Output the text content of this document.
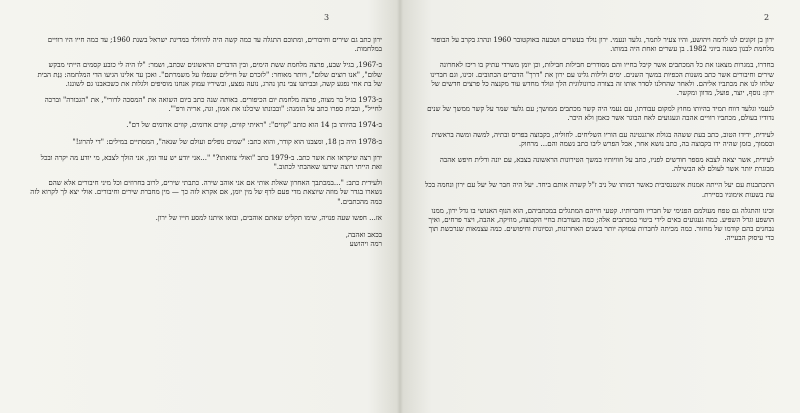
3

ירון כתב גם שירים וחיבורים, ומתוכם התגלה עד כמה קשה היה להיוולד במדינת ישראל בשנת 1960; עד כמה חייו היו רוויים במלחמות.

ב-1967, בגיל שבע, פרצה מלחמת ששת הימים, ובין הדברים הראשונים שכתב, ושמר: "לו היה לי כובע קסמים הייתי מבקש שלום", "אנו רוצים שלום", ויותר מאוחר: "לזכרם של חיילים שנפלו על משמרתם". ואכן עד אלינו הגיעו הדי המלחמה: גִּנַּת הבית של בת אחי נפגע קשה, ובביתנו צבי נתן נהרג, נועה נפצע, ובשיריו עמוק אנחנו מוסיפים ולגלות את כשכאבנו גם לשוננו.

ב-1973 בגיל בר מצוה, פרצה מלחמת יום הכיפורים. באותה שנה כתב ביום השואה את "המסכה לדורי", את "הגבורה" וברכה לחייל", ובבית ספרו כתב על הזמנה: "ובבונתו שיכלנו את אמון, זגה, אריה ורפ'".

ב-1974 בהיותו בן 14 הוא כותב "קווים": "ראיתי קווים, קווים אדומים, קווים אדומים של דם".

ב-1978 היה בן 18, ומצבנו הוא קודר, והוא כתב: "שמים נופלים ועולם של שנאה", המסתיים במילים: "די להרוג!"

ירון רצה שיקראו את אשר כתב. ב-1979 כתב "ואולי צוואתו?" "...אני יודע יש עוד זמן, אני הולך לצבא, מי יודע מה יקרה ובכל זאת הייתי רוצה שידעו שאהבתי לכתוב."

ולעידית כתב: "...במכתבך האחרון שאלת אותי אם אני אוהב שירה. כתבתי שירים, לרוב בחרוזים וכל מיני חיבורים אלא שהם נשארו בגדר של מוזה שיוצאת מדי פעם לדף של מין יומן, אם אקרא לזה כך — מין מחברת שירים וחיבורים. אולי יצא לך לקרוא לזה כמה מהכתבים."

אז... חפשו שעה פנויה, שימו תקליט שאתם אוהבים, ובואו איתנו למסע חייו של ירון.

בכאב ואהבה,
רמה ויהושע
2

ירון בן זקונים לנו לרמה ויהושע, והיו צעיר לתמר, גלעד ונעמי. ירון נולד בעשרים ושבעה באוקטובר 1960 ונהרג בקרב על הבופור מלחמת לבנון בשנה ביוני 1982. בן עשרים ואחת היה במותו.

בחדרו, במגרות מצאנו את כל המכתבים אשר קיבל בחייו והם מסודרים חבילות חבילות, וכן יומן משרדי עתיק בו ריכז לאחרונה שירים וחיבורים אשר כתב משנות הכפיות במשך השנים. ימים ולילות גלינו עם ירון את "דרך" הדברים הכתובים. זכינו, וגם חברינו שלחו לנו את מכתביו אליהם. ולאחר שהחלנו לסדר אותו זה בצורה כרונולוגית הלך ונולד מחדש עוד מקנצה כל פרצים חדשים של ירון: נוסף, יוצר, פועל, מדוון ומקשר.

לנעמי וגלעד דווח תמיד בהיותו מחוץ למקום עבודתו, עם נעמי היה קשר מכתבים ממושך; עם גלעד שמר על קשר ממשך של שנים נדודיו בעולם, מכתביו רוויים אהבה וגעגועים לאח הבוגר אשר כאמן ולא היכר.

לעידית, ידידו הטוב, כתב בעת ששהה בגולת ארגנטינה עם הוריו השליחים. לחוליה, בקבוצה בפריס ובתיה, למשה ומשה בראשית ובסמוך, בזמן שהיה ידו בקבוצה בה, כתב נושא אחר, אבל הפרש ליבו כתב נשמה והם... מרחוק.

לעידית, אשר יצאה לצבא מספר חודשים לפניו, כתב על חוויותיו במשך הטירונות הראשונה בצבא, עם יונה ודלית חיפש אהבה מבוגרת יותר אשר לעולם לא הבשילה.

התכתבנות עם יעל הייתה אמנות אינטנסיבית כאשר דמותו של ניב ז"ל קשרה אותם ביחד. יעל היה חבר של יעל עם ירון ונחמה בכל עת בשעות אימוניו בסיירת.

זכינו והתגלה גם טפח מעולמם הפנימי של חבריו וחברותיו. קטעי חייהם המתגלים במכתביהם, הוא הנוף האנושי בו גדל ירון, ממנו הושפע וגדל השפיע. כמה געגועים באים לידי ביטוי במכתבים אלה; כמה מעורבות בחיי הקבוצה, מוזיקה, אהבה, ויצר פרחים, ואיך נבחנים בהם קודמו של מחזור. כמה מכיתה לחברות עמוקה יותר בשנים האחרונות, ונסיונות וחיפושים. כמה עצמאות שנרכשת תוך כדי עיסוק הבעייה.
